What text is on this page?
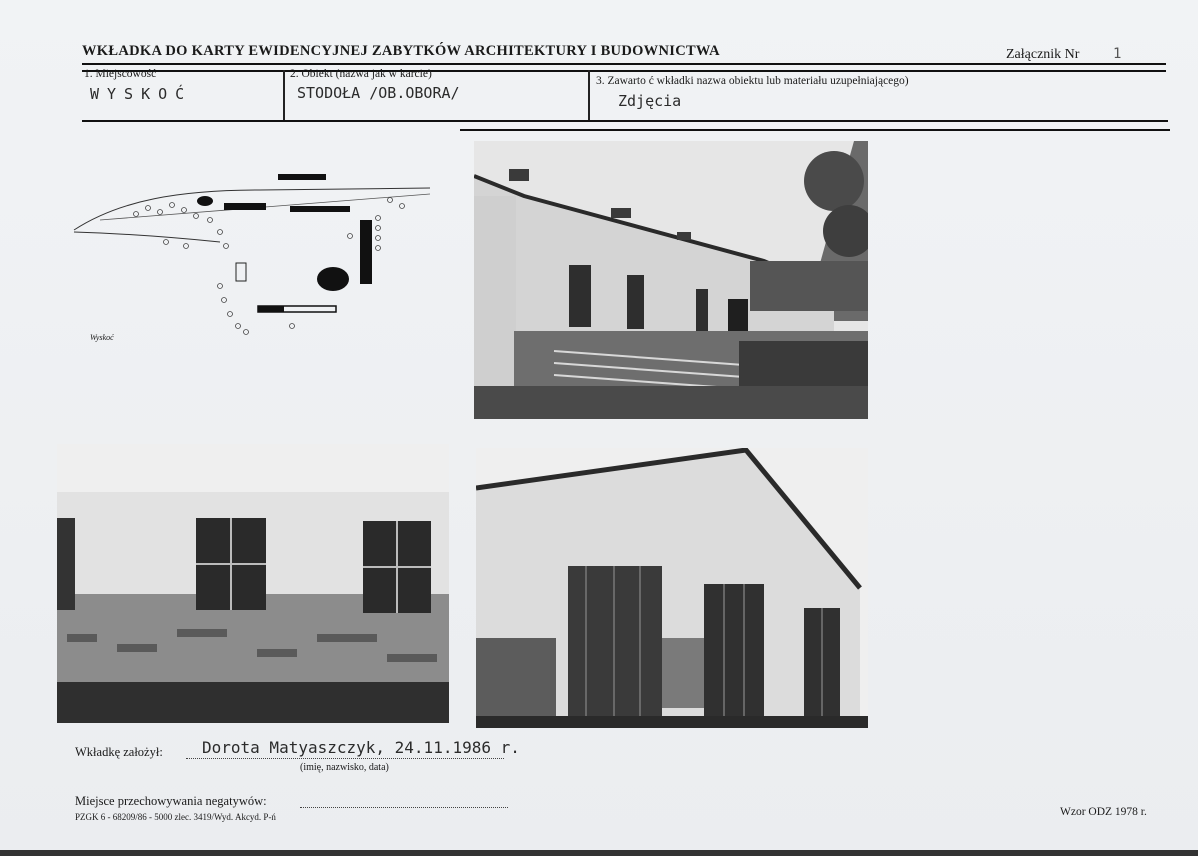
WKŁADKA DO KARTY EWIDENCYJNEJ ZABYTKÓW ARCHITEKTURY I BUDOWNICTWA	Załącznik Nr 1
1. Miejscowość
WYSKOĆ
2. Obiekt (nazwa jak w karcie)
STODOŁA /OB.OBORA/
3. Zawarto ć wkładki nazwa obiektu lub materiału uzupełniającego)
Zdjęcia
Wyskoć
Wkładkę założył: Dorota Matyaszczyk, 24.11.1986 r.
(imię, nazwisko, data)
Miejsce przechowywania negatywów:
PZGK 6 - 68209/86 - 5000 zlec. 3419/Wyd. Akcyd. P-ń	Wzor ODZ 1978 r.
